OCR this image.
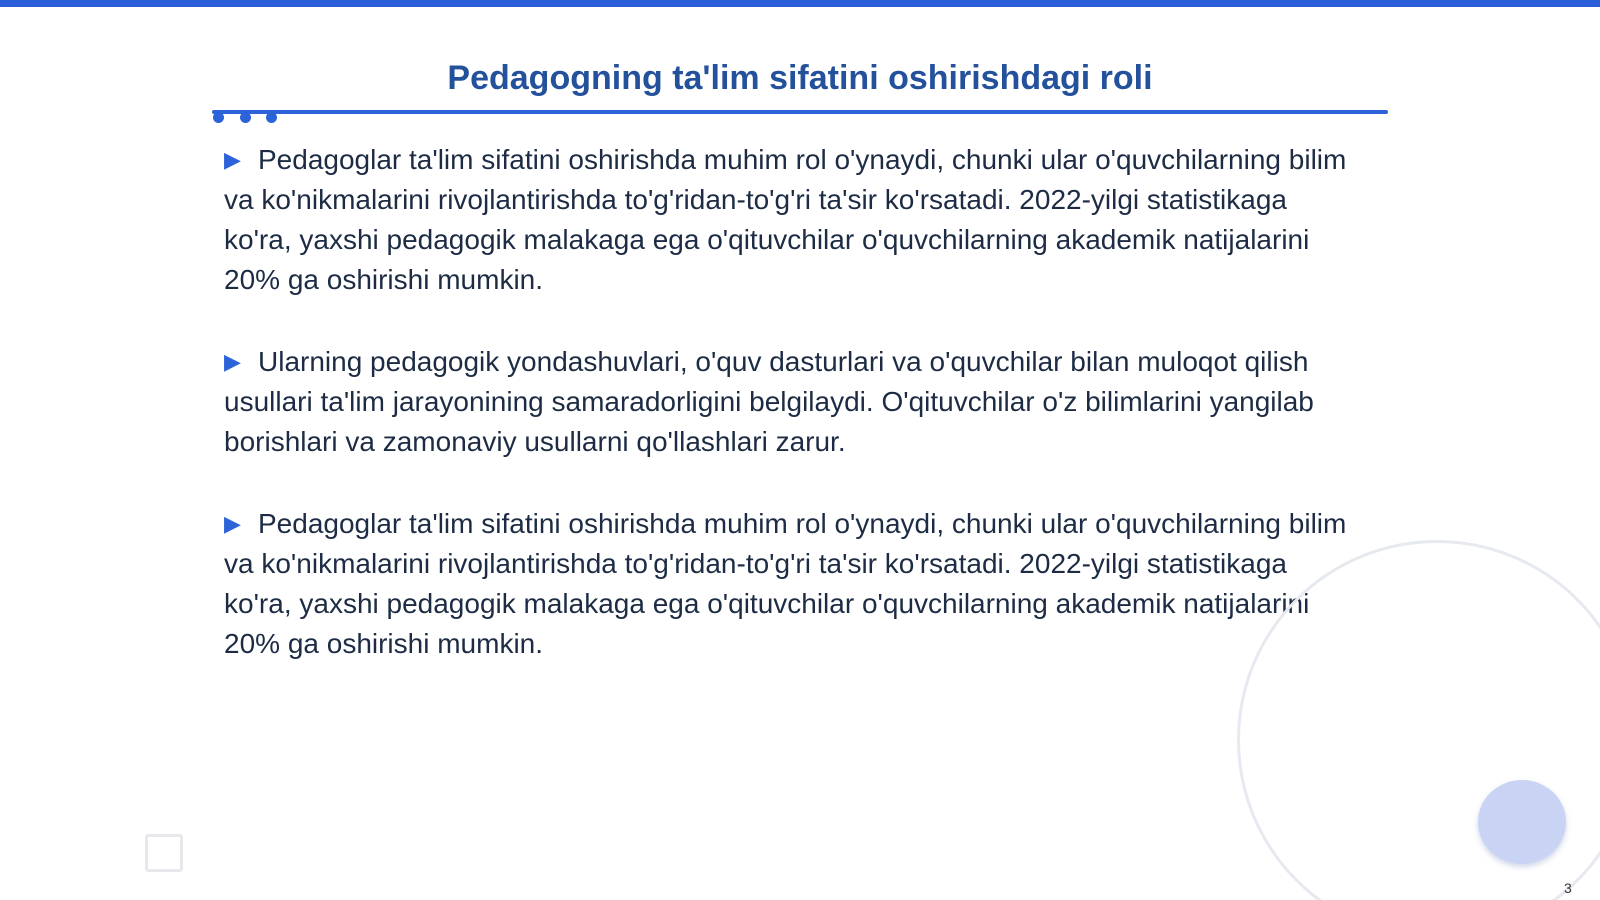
Pedagogning ta'lim sifatini oshirishdagi roli

▶ Pedagoglar ta'lim sifatini oshirishda muhim rol o'ynaydi, chunki ular o'quvchilarning bilim va ko'nikmalarini rivojlantirishda to'g'ridan-to'g'ri ta'sir ko'rsatadi. 2022-yilgi statistikaga ko'ra, yaxshi pedagogik malakaga ega o'qituvchilar o'quvchilarning akademik natijalarini 20% ga oshirishi mumkin.

▶ Ularning pedagogik yondashuvlari, o'quv dasturlari va o'quvchilar bilan muloqot qilish usullari ta'lim jarayonining samaradorligini belgilaydi. O'qituvchilar o'z bilimlarini yangilab borishlari va zamonaviy usullarni qo'llashlari zarur.

▶ Pedagoglar ta'lim sifatini oshirishda muhim rol o'ynaydi, chunki ular o'quvchilarning bilim va ko'nikmalarini rivojlantirishda to'g'ridan-to'g'ri ta'sir ko'rsatadi. 2022-yilgi statistikaga ko'ra, yaxshi pedagogik malakaga ega o'qituvchilar o'quvchilarning akademik natijalarini 20% ga oshirishi mumkin.

3
